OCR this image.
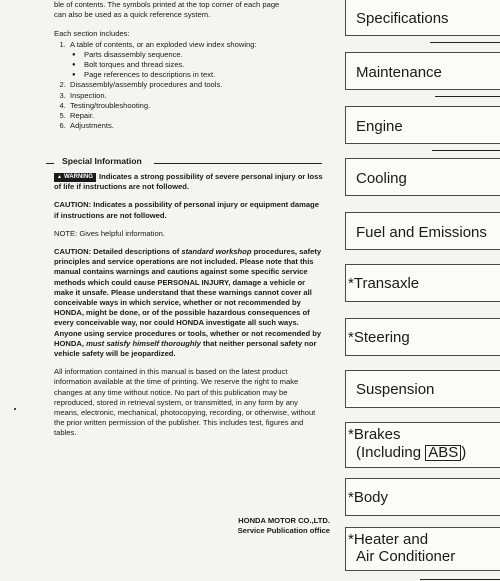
ble of contents. The symbols printed at the top corner of each page

can also be used as a quick reference system.

Each section includes:

1. A table of contents, or an exploded view index showing:
● Parts disassembly sequence.
● Bolt torques and thread sizes.
● Page references to descriptions in text.
2. Disassembly/assembly procedures and tools.
3. Inspection.
4. Testing/troubleshooting.
5. Repair.
6. Adjustments.
Special Information

▲ WARNING Indicates a strong possibility of severe personal injury or loss of life if instructions are not followed.

CAUTION: Indicates a possibility of personal injury or equipment damage if instructions are not followed.

NOTE: Gives helpful information.

CAUTION: Detailed descriptions of standard workshop procedures, safety principles and service operations are not included. Please note that this manual contains warnings and cautions against some specific service methods which could cause PERSONAL INJURY, damage a vehicle or make it unsafe. Please understand that these warnings cannot cover all conceivable ways in which service, whether or not recommended by HONDA, might be done, or of the possible hazardous consequences of every conceivable way, nor could HONDA investigate all such ways. Anyone using service procedures or tools, whether or not recomended by HONDA, must satisfy himself thoroughly that neither personal safety nor vehicle safety will be jeopardized.

All information contained in this manual is based on the latest product information available at the time of printing. We reserve the right to make changes at any time without notice. No part of this publication may be reproduced, stored in retrieval system, or transmitted, in any form by any means, electronic, mechanical, photocopying, recording, or otherwise, without the prior written permission of the publisher. This includes test, figures and tables.

HONDA MOTOR CO.,LTD.
Service Publication office
Specifications
Maintenance
Engine
Cooling
Fuel and Emissions
*Transaxle
*Steering
Suspension
*Brakes
(Including ABS )
*Body
*Heater and
Air Conditioner
